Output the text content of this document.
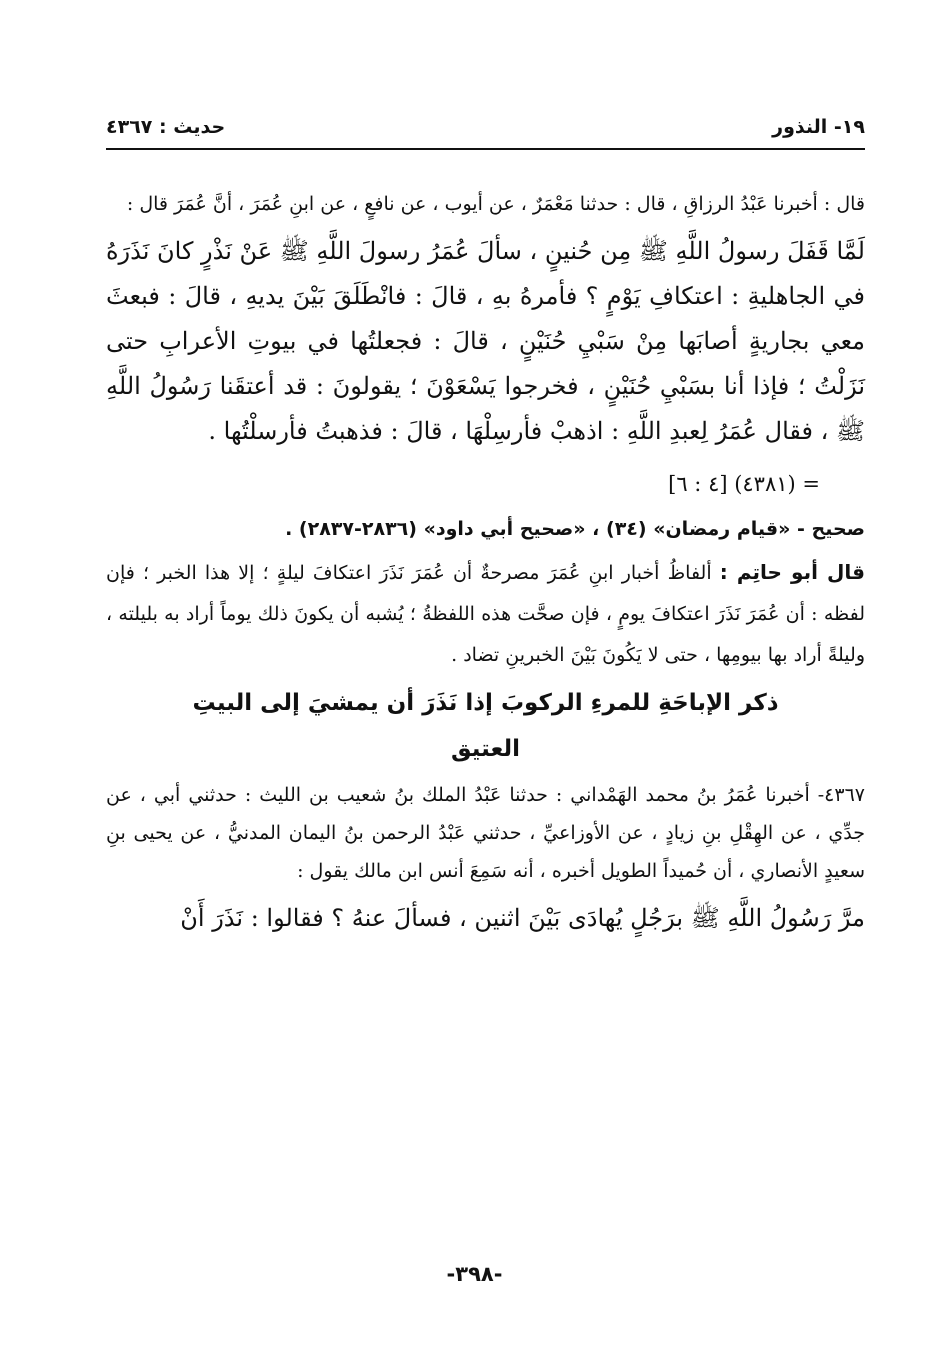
١٩- النذور
حديث : ٤٣٦٧

قال : أخبرنا عَبْدُ الرزاقِ ، قال : حدثنا مَعْمَرٌ ، عن أيوب ، عن نافعٍ ، عن ابنِ عُمَرَ ، أنَّ عُمَرَ قال :

لَمَّا قَفَلَ رسولُ اللَّهِ ﷺ مِن حُنينٍ ، سألَ عُمَرُ رسولَ اللَّهِ ﷺ عَنْ نَذْرٍ كانَ نَذَرَهُ في الجاهليةِ : اعتكافِ يَوْمٍ ؟ فأمرهُ بهِ ، قالَ : فانْطَلَقَ بَيْنَ يديهِ ، قالَ : فبعثَ معي بجاريةٍ أصابَها مِنْ سَبْيِ حُنَيْنٍ ، قالَ : فجعلتُها في بيوتِ الأعرابِ حتى نَزَلْتُ ؛ فإذا أنا بسَبْيِ حُنَيْنٍ ، فخرجوا يَسْعَوْنَ ؛ يقولونَ : قد أعتقَنا رَسُولُ اللَّهِ ﷺ ، فقال عُمَرُ لِعبدِ اللَّهِ : اذهبْ فأرسِلْهَا ، قالَ : فذهبتُ فأرسلْتُها .

= (٤٣٨١) [٤ : ٦]

صحيح - «قيام رمضان» (٣٤) ، «صحيح أبي داود» (٢٨٣٦-٢٨٣٧) .

قال أبو حاتِم : ألفاظُ أخبار ابنِ عُمَرَ مصرحةٌ أن عُمَرَ نَذَرَ اعتكافَ ليلةٍ ؛ إلا هذا الخبر ؛ فإن لفظه : أن عُمَرَ نَذَرَ اعتكافَ يومٍ ، فإن صحَّت هذه اللفظةُ ؛ يُشبه أن يكونَ ذلك يوماً أراد به بليلته ، وليلةً أراد بها بيومِها ، حتى لا يَكُونَ بَيْنَ الخبرينِ تضاد .

ذكر الإباحَةِ للمرءِ الركوبَ إذا نَذَرَ أن يمشيَ إلى البيتِ العتيق

٤٣٦٧- أخبرنا عُمَرُ بنُ محمد الهَمْداني : حدثنا عَبْدُ الملك بنُ شعيب بن الليث : حدثني أبي ، عن جدِّي ، عن الهِقْلِ بنِ زيادٍ ، عن الأوزاعيِّ ، حدثني عَبْدُ الرحمن بنُ اليمان المدنيُّ ، عن يحيى بنِ سعيدٍ الأنصاري ، أن حُميداً الطويل أخبره ، أنه سَمِعَ أنس ابن مالك يقول :

مرَّ رَسُولُ اللَّهِ ﷺ برَجُلٍ يُهادَى بَيْنَ اثنين ، فسألَ عنهُ ؟ فقالوا : نَذَرَ أَنْ

-٣٩٨-
